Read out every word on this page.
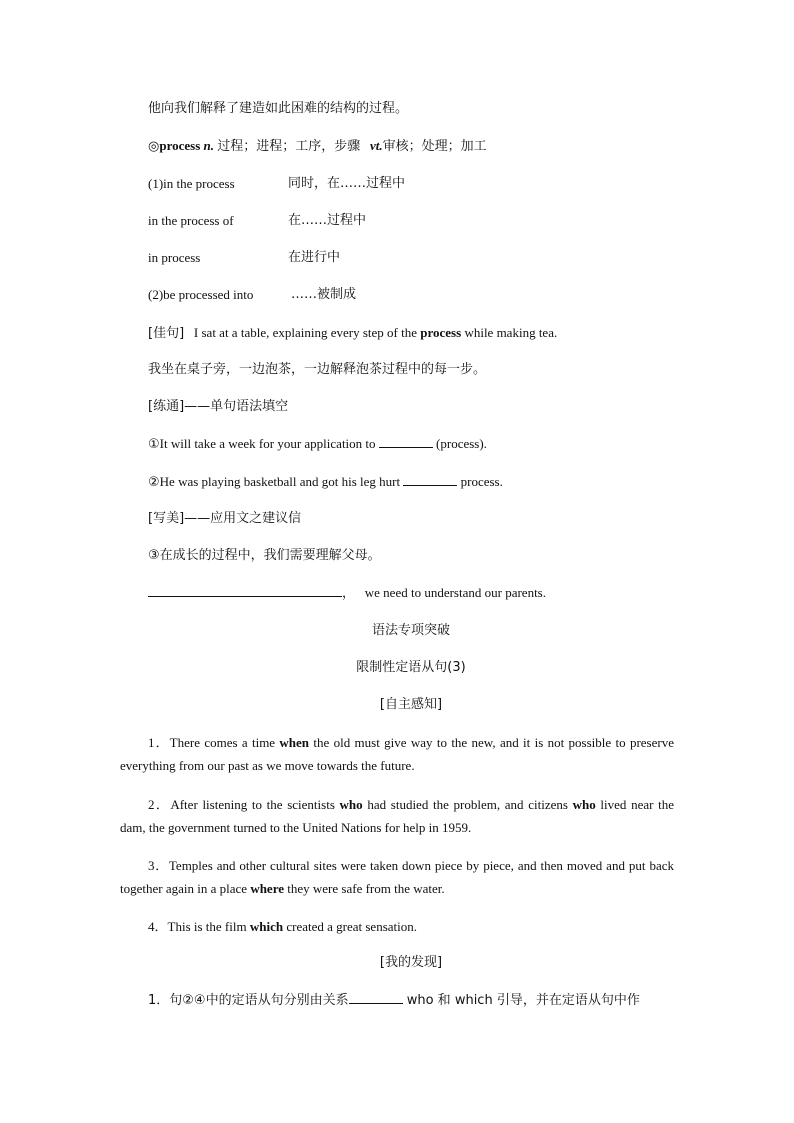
他向我们解释了建造如此困难的结构的过程。
◎process n. 过程；进程；工序，步骤 vt.审核；处理；加工
(1)in the process	同时，在……过程中
in the process of	在……过程中
in process	在进行中
(2)be processed into	……被制成
[佳句] I sat at a table, explaining every step of the process while making tea.
我坐在桌子旁，一边泡茶，一边解释泡茶过程中的每一步。
[练通]——单句语法填空
①It will take a week for your application to	(process).
②He was playing basketball and got his leg hurt	process.
[写美]——应用文之建议信
③在成长的过程中，我们需要理解父母。
， we need to understand our parents.
语法专项突破
限制性定语从句(3)
[自主感知]
1．There comes a time when the old must give way to the new, and it is not possible to preserve everything from our past as we move towards the future.
2．After listening to the scientists who had studied the problem, and citizens who lived near the dam, the government turned to the United Nations for help in 1959.
3．Temples and other cultural sites were taken down piece by piece, and then moved and put back together again in a place where they were safe from the water.
4．This is the film which created a great sensation.
[我的发现]
1．句②④中的定语从句分别由关系	who 和 which 引导，并在定语从句中作
